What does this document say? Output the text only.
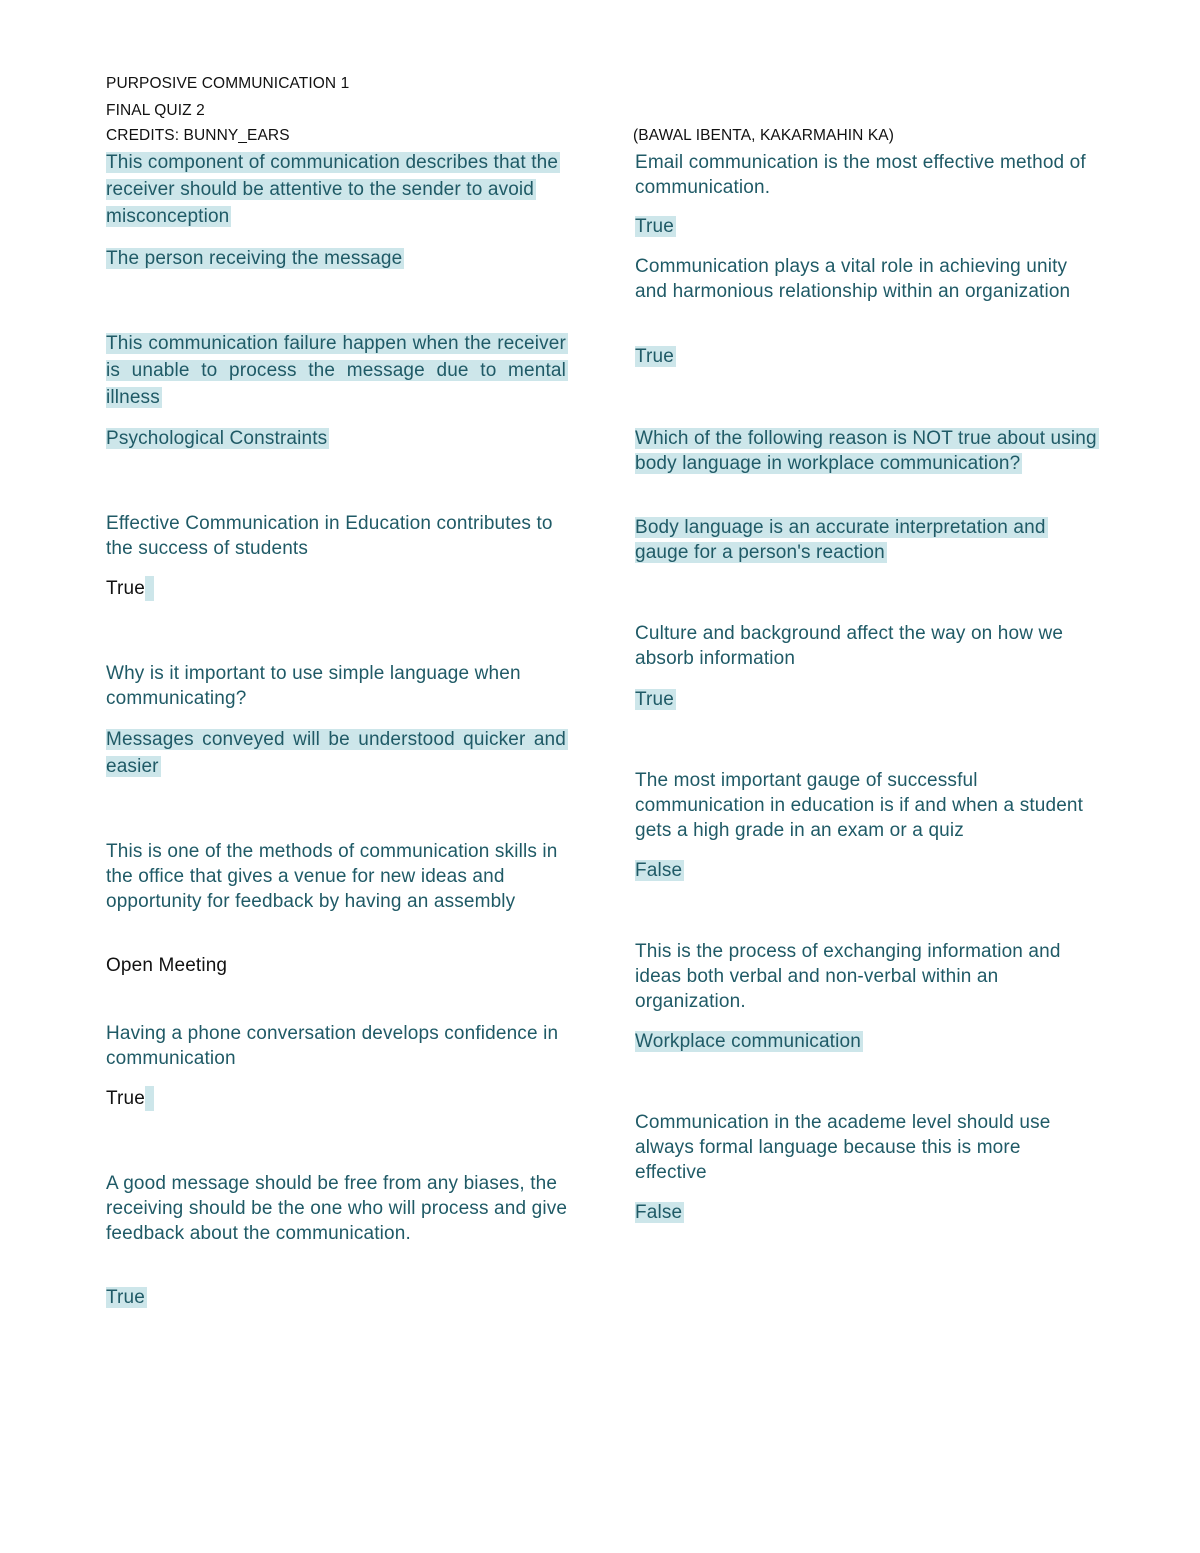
PURPOSIVE COMMUNICATION 1
FINAL QUIZ 2
CREDITS: BUNNY_EARS	(BAWAL IBENTA, KAKARMAHIN KA)
This component of communication describes that the receiver should be attentive to the sender to avoid misconception
The person receiving the message
This communication failure happen when the receiver is unable to process the message due to mental illness
Psychological Constraints
Effective Communication in Education contributes to the success of students
True
Why is it important to use simple language when communicating?
Messages conveyed will be understood quicker and easier
This is one of the methods of communication skills in the office that gives a venue for new ideas and opportunity for feedback by having an assembly
Open Meeting
Having a phone conversation develops confidence in communication
True
A good message should be free from any biases, the receiving should be the one who will process and give feedback about the communication.
True
Email communication is the most effective method of communication.
True
Communication plays a vital role in achieving unity and harmonious relationship within an organization
True
Which of the following reason is NOT true about using body language in workplace communication?
Body language is an accurate interpretation and gauge for a person's reaction
Culture and background affect the way on how we absorb information
True
The most important gauge of successful communication in education is if and when a student gets a high grade in an exam or a quiz
False
This is the process of exchanging information and ideas both verbal and non-verbal within an organization.
Workplace communication
Communication in the academe level should use always formal language because this is more effective
False
